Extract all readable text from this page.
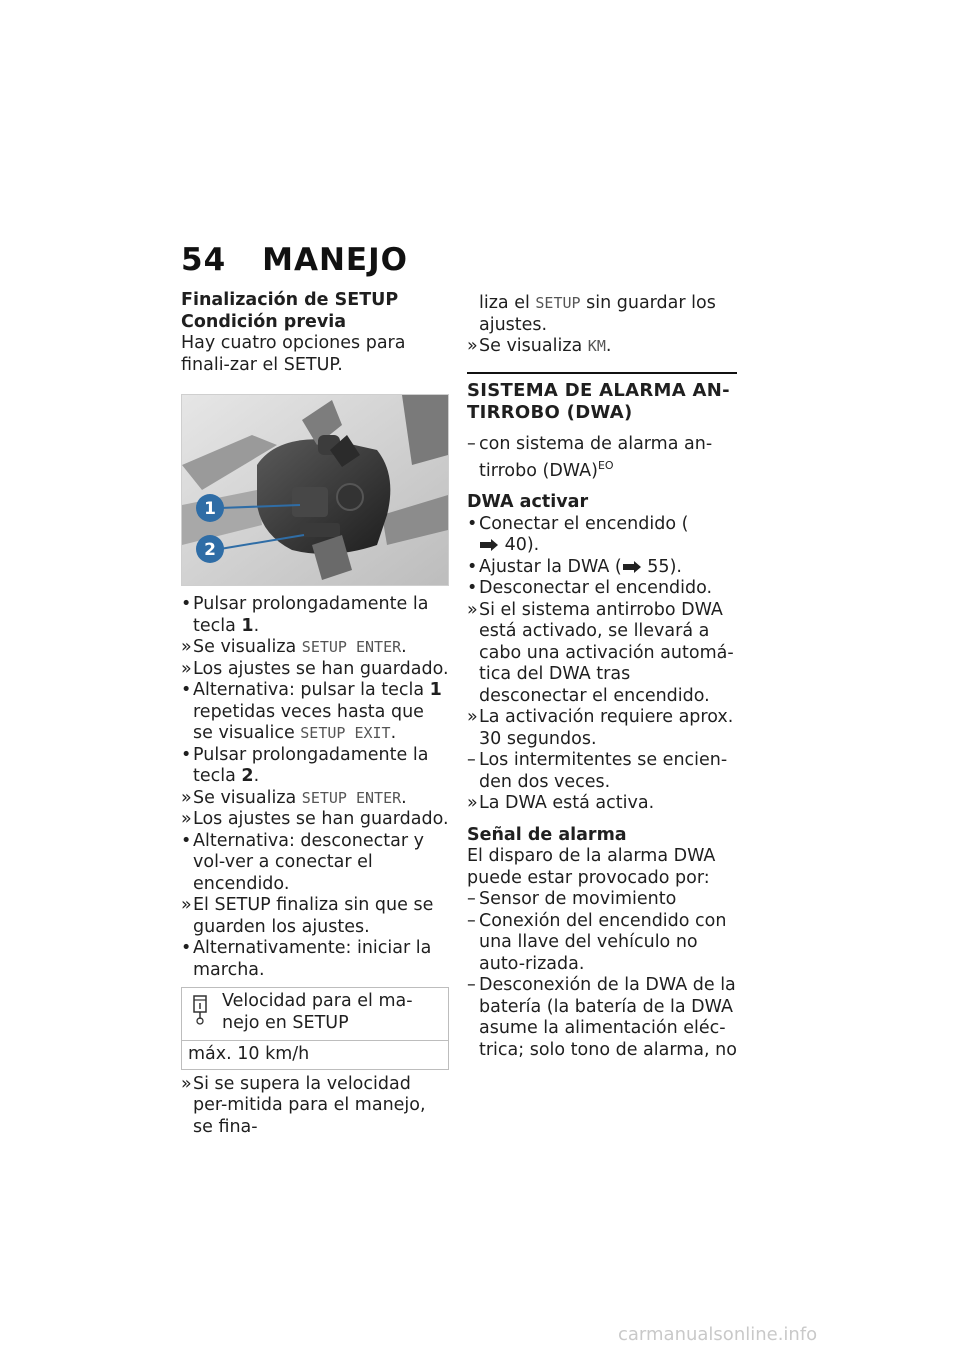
54 MANEJO

Finalización de SETUP

Condición previa

Hay cuatro opciones para finali-zar el SETUP.

1
2

• Pulsar prolongadamente la tecla 1.

» Se visualiza SETUP ENTER.

» Los ajustes se han guardado.

• Alternativa: pulsar la tecla 1 repetidas veces hasta que se visualice SETUP EXIT.

• Pulsar prolongadamente la tecla 2.

» Se visualiza SETUP ENTER.

» Los ajustes se han guardado.

• Alternativa: desconectar y vol-ver a conectar el encendido.

» El SETUP finaliza sin que se guarden los ajustes.

• Alternativamente: iniciar la marcha.

Velocidad para el ma-nejo en SETUP
máx. 10 km/h

» Si se supera la velocidad per-mitida para el manejo, se fina-

liza el SETUP sin guardar los ajustes.

» Se visualiza KM.

SISTEMA DE ALARMA AN-TIRROBO (DWA)

– con sistema de alarma an-tirrobo (DWA)$^{EO}$

DWA activar

• Conectar el encendido ( 40).

• Ajustar la DWA ( 55).

• Desconectar el encendido.

» Si el sistema antirrobo DWA está activado, se llevará a cabo una activación automá-tica del DWA tras desconectar el encendido.

» La activación requiere aprox. 30 segundos.

– Los intermitentes se encien-den dos veces.

» La DWA está activa.

Señal de alarma

El disparo de la alarma DWA puede estar provocado por:

– Sensor de movimiento

– Conexión del encendido con una llave del vehículo no auto-rizada.

– Desconexión de la DWA de la batería (la batería de la DWA asume la alimentación eléc-trica; solo tono de alarma, no

carmanualsonline.info
